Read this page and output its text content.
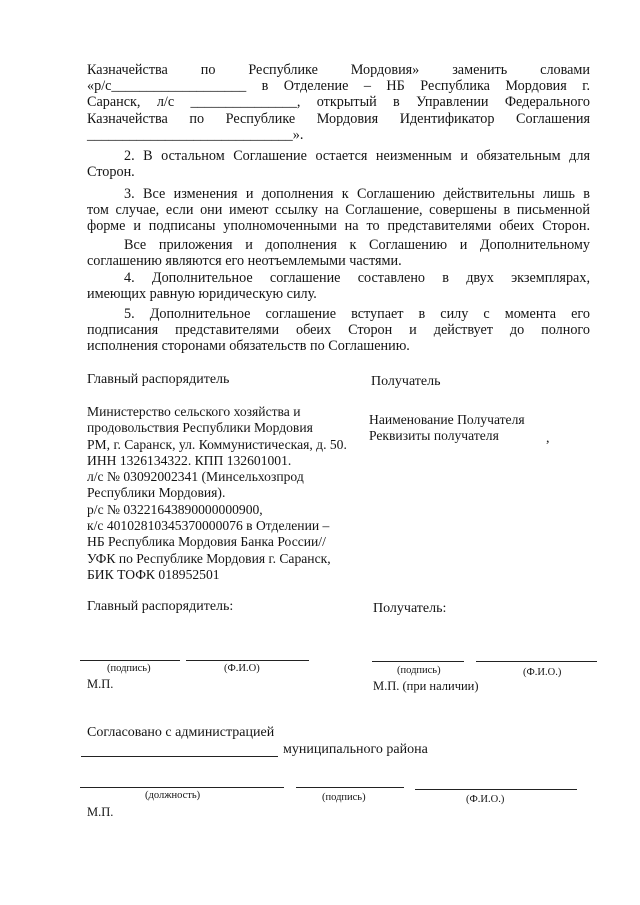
Казначейства по Республике Мордовия» заменить словами
«р/с___________________ в Отделение – НБ Республика Мордовия г.
Саранск, л/с _______________, открытый в Управлении Федерального
Казначейства по Республике Мордовия Идентификатор Соглашения
_____________________________».
2. В остальном Соглашение остается неизменным и обязательным для
Сторон.
3. Все изменения и дополнения к Соглашению действительны лишь в
том случае, если они имеют ссылку на Соглашение, совершены в письменной
форме и подписаны уполномоченными на то представителями обеих Сторон.
Все приложения и дополнения к Соглашению и Дополнительному
соглашению являются его неотъемлемыми частями.
4. Дополнительное соглашение составлено в двух экземплярах,
имеющих равную юридическую силу.
5. Дополнительное соглашение вступает в силу с момента его
подписания представителями обеих Сторон и действует до полного
исполнения сторонами обязательств по Соглашению.
Главный распорядитель	Получатель
Министерство сельского хозяйства и
продовольствия Республики Мордовия
РМ, г. Саранск, ул. Коммунистическая, д. 50.
ИНН 1326134322. КПП 132601001.
л/с № 03092002341 (Минсельхозпрод
Республики Мордовия).
р/с № 03221643890000000900,
к/с 40102810345370000076 в Отделении –
НБ Республика Мордовия Банка России//
УФК по Республике Мордовия г. Саранск,
БИК ТОФК 018952501
Наименование Получателя
Реквизиты получателя	,
Главный распорядитель:	Получатель:
(подпись)	(Ф.И.О)
М.П.
(подпись)	(Ф.И.О.)
М.П. (при наличии)
Согласовано с администрацией
муниципального района
(должность)	(подпись)	(Ф.И.О.)
М.П.
